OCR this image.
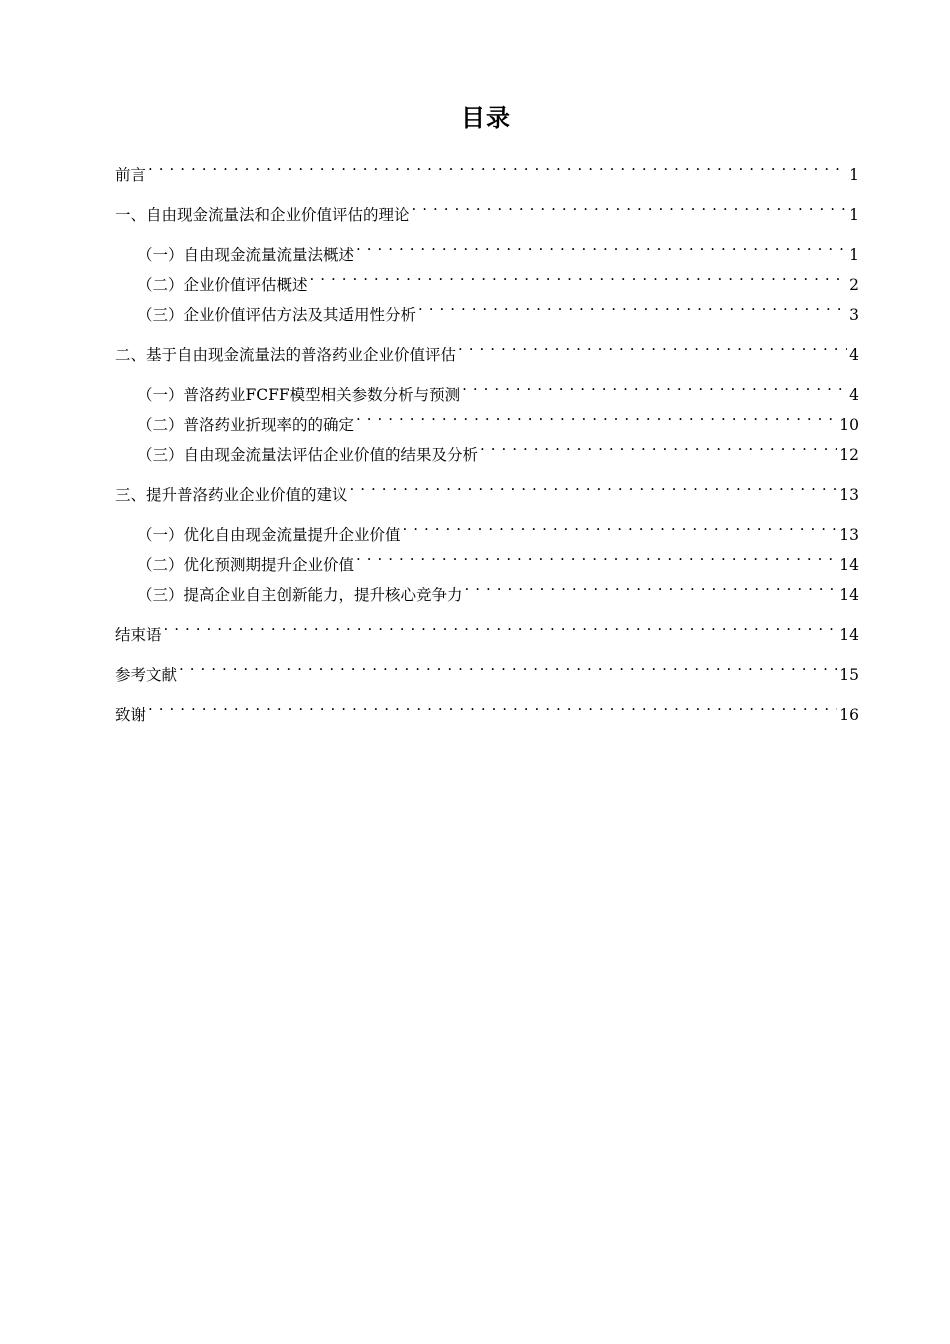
目录
前言 . . .	1
一、自由现金流量法和企业价值评估的理论 . . .	1
（一）自由现金流量流量法概述 . . .	1
（二）企业价值评估概述 . . .	2
（三）企业价值评估方法及其适用性分析 . . .	3
二、基于自由现金流量法的普洛药业企业价值评估 . . .	4
（一）普洛药业FCFF模型相关参数分析与预测 . . .	4
（二）普洛药业折现率的的确定 . . .	10
（三）自由现金流量法评估企业价值的结果及分析 . . .	12
三、提升普洛药业企业价值的建议 . . .	13
（一）优化自由现金流量提升企业价值 . . .	13
（二）优化预测期提升企业价值 . . .	14
（三）提高企业自主创新能力，提升核心竞争力 . . .	14
结束语 . . .	14
参考文献 . . .	15
致谢 . . .	16
